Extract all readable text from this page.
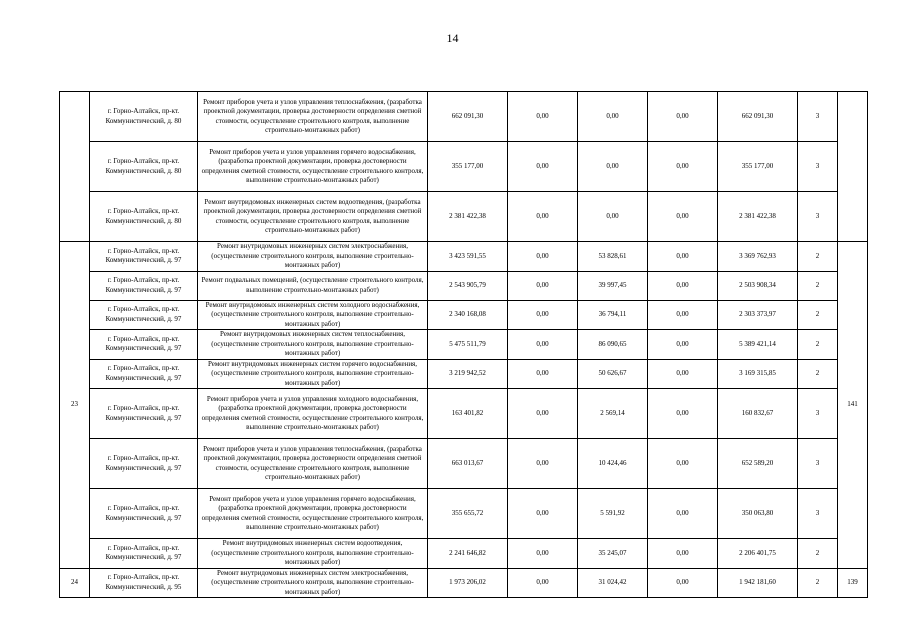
14
	г. Горно-Алтайск, пр-кт. Коммунистический, д. 80	Ремонт приборов учета и узлов управления теплоснабжения, (разработка проектной документации, проверка достоверности определения сметной стоимости, осуществление строительного контроля, выполнение строительно-монтажных работ)	662 091,30	0,00	0,00	0,00	662 091,30	3	
	г. Горно-Алтайск, пр-кт. Коммунистический, д. 80	Ремонт приборов учета и узлов управления горячего водоснабжения, (разработка проектной документации, проверка достоверности определения сметной стоимости, осуществление строительного контроля, выполнение строительно-монтажных работ)	355 177,00	0,00	0,00	0,00	355 177,00	3	
	г. Горно-Алтайск, пр-кт. Коммунистический, д. 80	Ремонт внутридомовых инженерных систем водоотведения, (разработка проектной документации, проверка достоверности определения сметной стоимости, осуществление строительного контроля, выполнение строительно-монтажных работ)	2 381 422,38	0,00	0,00	0,00	2 381 422,38	3	
23	г. Горно-Алтайск, пр-кт. Коммунистический, д. 97	Ремонт внутридомовых инженерных систем электроснабжения, (осуществление строительного контроля, выполнение строительно-монтажных работ)	3 423 591,55	0,00	53 828,61	0,00	3 369 762,93	2	141
	г. Горно-Алтайск, пр-кт. Коммунистический, д. 97	Ремонт подвальных помещений, (осуществление строительного контроля, выполнение строительно-монтажных работ)	2 543 905,79	0,00	39 997,45	0,00	2 503 908,34	2	
	г. Горно-Алтайск, пр-кт. Коммунистический, д. 97	Ремонт внутридомовых инженерных систем холодного водоснабжения, (осуществление строительного контроля, выполнение строительно-монтажных работ)	2 340 168,08	0,00	36 794,11	0,00	2 303 373,97	2	
	г. Горно-Алтайск, пр-кт. Коммунистический, д. 97	Ремонт внутридомовых инженерных систем теплоснабжения, (осуществление строительного контроля, выполнение строительно-монтажных работ)	5 475 511,79	0,00	86 090,65	0,00	5 389 421,14	2	
	г. Горно-Алтайск, пр-кт. Коммунистический, д. 97	Ремонт внутридомовых инженерных систем горячего водоснабжения, (осуществление строительного контроля, выполнение строительно-монтажных работ)	3 219 942,52	0,00	50 626,67	0,00	3 169 315,85	2	
	г. Горно-Алтайск, пр-кт. Коммунистический, д. 97	Ремонт приборов учета и узлов управления холодного водоснабжения, (разработка проектной документации, проверка достоверности определения сметной стоимости, осуществление строительного контроля, выполнение строительно-монтажных работ)	163 401,82	0,00	2 569,14	0,00	160 832,67	3	
	г. Горно-Алтайск, пр-кт. Коммунистический, д. 97	Ремонт приборов учета и узлов управления теплоснабжения, (разработка проектной документации, проверка достоверности определения сметной стоимости, осуществление строительного контроля, выполнение строительно-монтажных работ)	663 013,67	0,00	10 424,46	0,00	652 589,20	3	
	г. Горно-Алтайск, пр-кт. Коммунистический, д. 97	Ремонт приборов учета и узлов управления горячего водоснабжения, (разработка проектной документации, проверка достоверности определения сметной стоимости, осуществление строительного контроля, выполнение строительно-монтажных работ)	355 655,72	0,00	5 591,92	0,00	350 063,80	3	
	г. Горно-Алтайск, пр-кт. Коммунистический, д. 97	Ремонт внутридомовых инженерных систем водоотведения, (осуществление строительного контроля, выполнение строительно-монтажных работ)	2 241 646,82	0,00	35 245,07	0,00	2 206 401,75	2	
24	г. Горно-Алтайск, пр-кт. Коммунистический, д. 95	Ремонт внутридомовых инженерных систем электроснабжения, (осуществление строительного контроля, выполнение строительно-монтажных работ)	1 973 206,02	0,00	31 024,42	0,00	1 942 181,60	2	139
